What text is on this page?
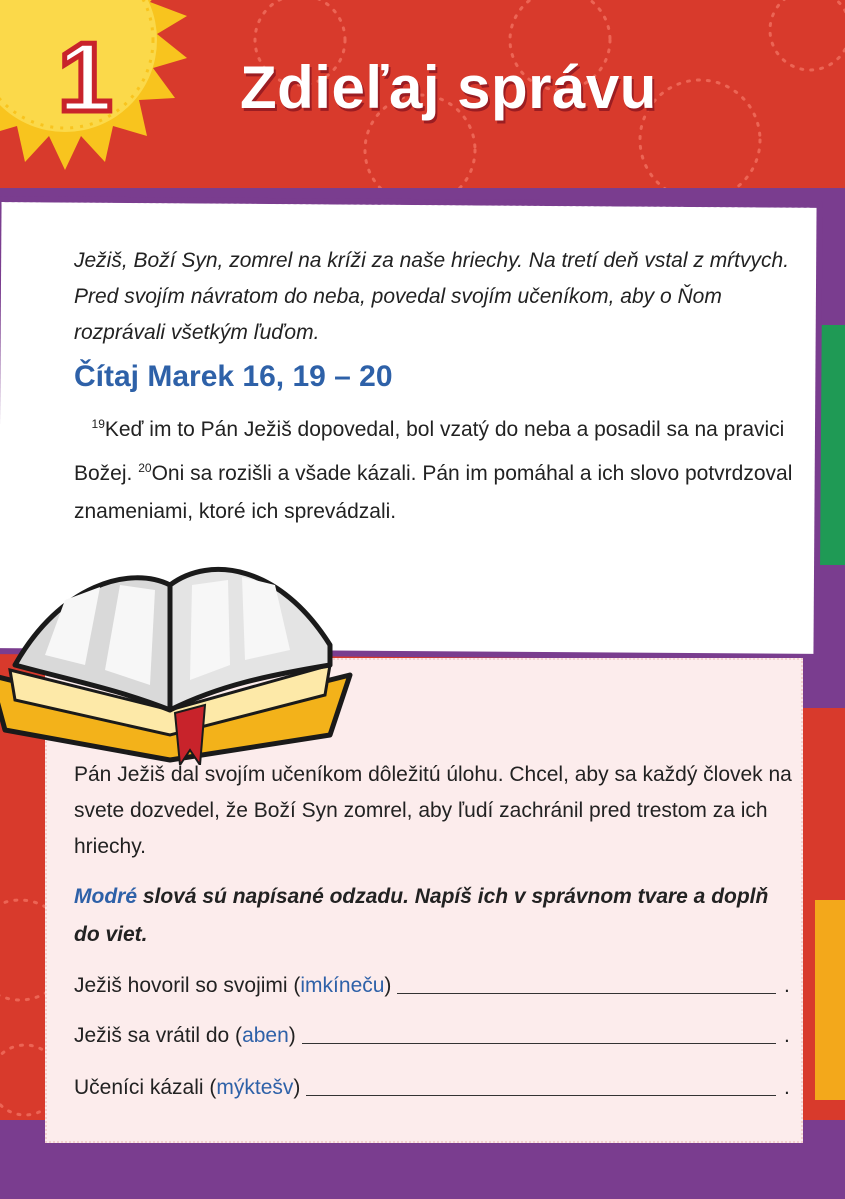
1 Zdieľaj správu
Ježiš, Boží Syn, zomrel na kríži za naše hriechy. Na tretí deň vstal z mŕtvych. Pred svojím návratom do neba, povedal svojím učeníkom, aby o Ňom rozprávali všetkým ľuďom.
Čítaj Marek 16, 19 – 20
$^{19}$Keď im to Pán Ježiš dopovedal, bol vzatý do neba a posadil sa na pravici Božej. $^{20}$Oni sa rozišli a všade kázali. Pán im pomáhal a ich slovo potvrdzoval znameniami, ktoré ich sprevádzali.
Pán Ježiš dal svojím učeníkom dôležitú úlohu. Chcel, aby sa každý človek na svete dozvedel, že Boží Syn zomrel, aby ľudí zachránil pred trestom za ich hriechy.
Modré slová sú napísané odzadu. Napíš ich v správnom tvare a doplň do viet.
Ježiš hovoril so svojimi ( imkíneču )	.
Ježiš sa vrátil do ( aben )	.
Učeníci kázali ( mýktešv )	.
